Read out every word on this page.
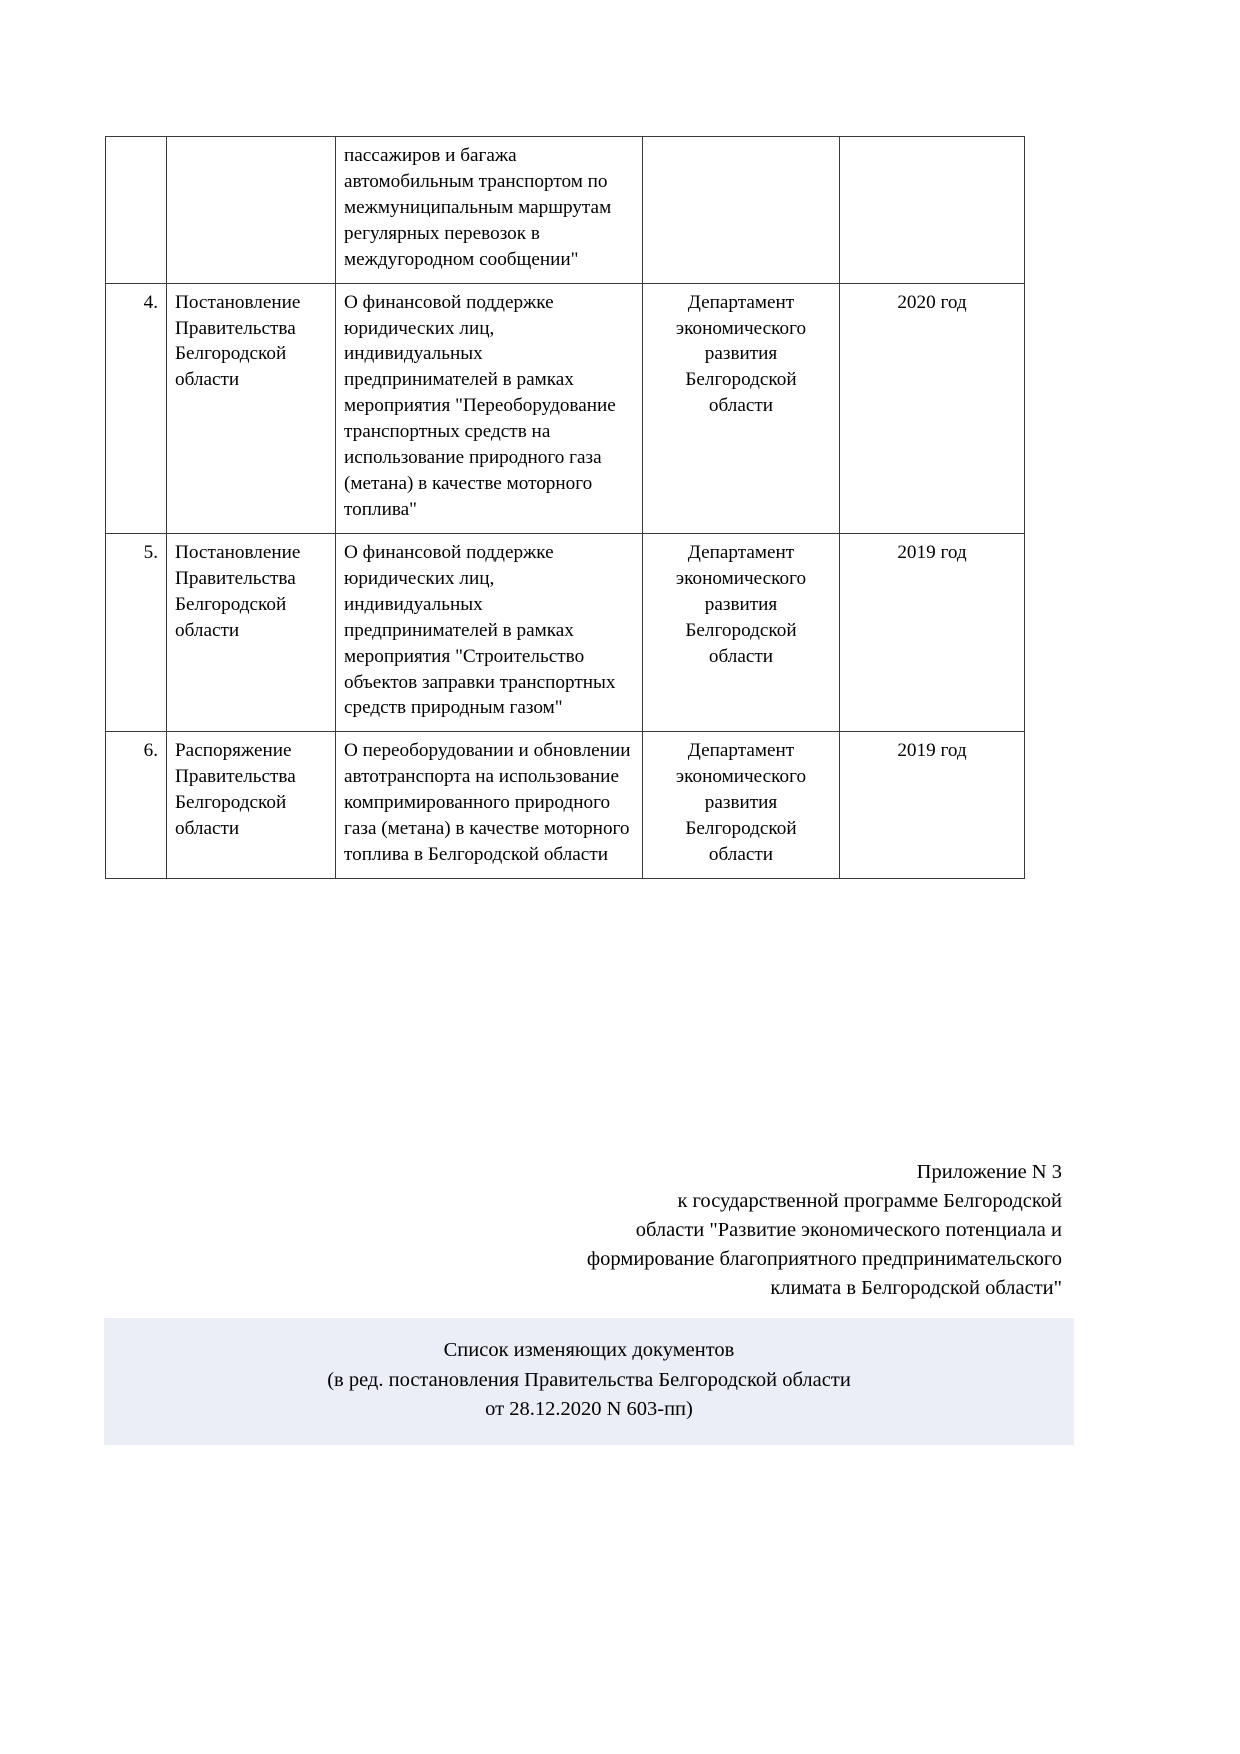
		пассажиров и багажа автомобильным транспортом по межмуниципальным маршрутам регулярных перевозок в междугородном сообщении"		
4.	Постановление Правительства Белгородской области	О финансовой поддержке юридических лиц, индивидуальных предпринимателей в рамках мероприятия "Переоборудование транспортных средств на использование природного газа (метана) в качестве моторного топлива"	Департамент экономического развития Белгородской области	2020 год
5.	Постановление Правительства Белгородской области	О финансовой поддержке юридических лиц, индивидуальных предпринимателей в рамках мероприятия "Строительство объектов заправки транспортных средств природным газом"	Департамент экономического развития Белгородской области	2019 год
6.	Распоряжение Правительства Белгородской области	О переоборудовании и обновлении автотранспорта на использование компримированного природного газа (метана) в качестве моторного топлива в Белгородской области	Департамент экономического развития Белгородской области	2019 год
Приложение N 3
к государственной программе Белгородской
области "Развитие экономического потенциала и
формирование благоприятного предпринимательского
климата в Белгородской области"
Список изменяющих документов
(в ред. постановления Правительства Белгородской области
от 28.12.2020 N 603-пп)
